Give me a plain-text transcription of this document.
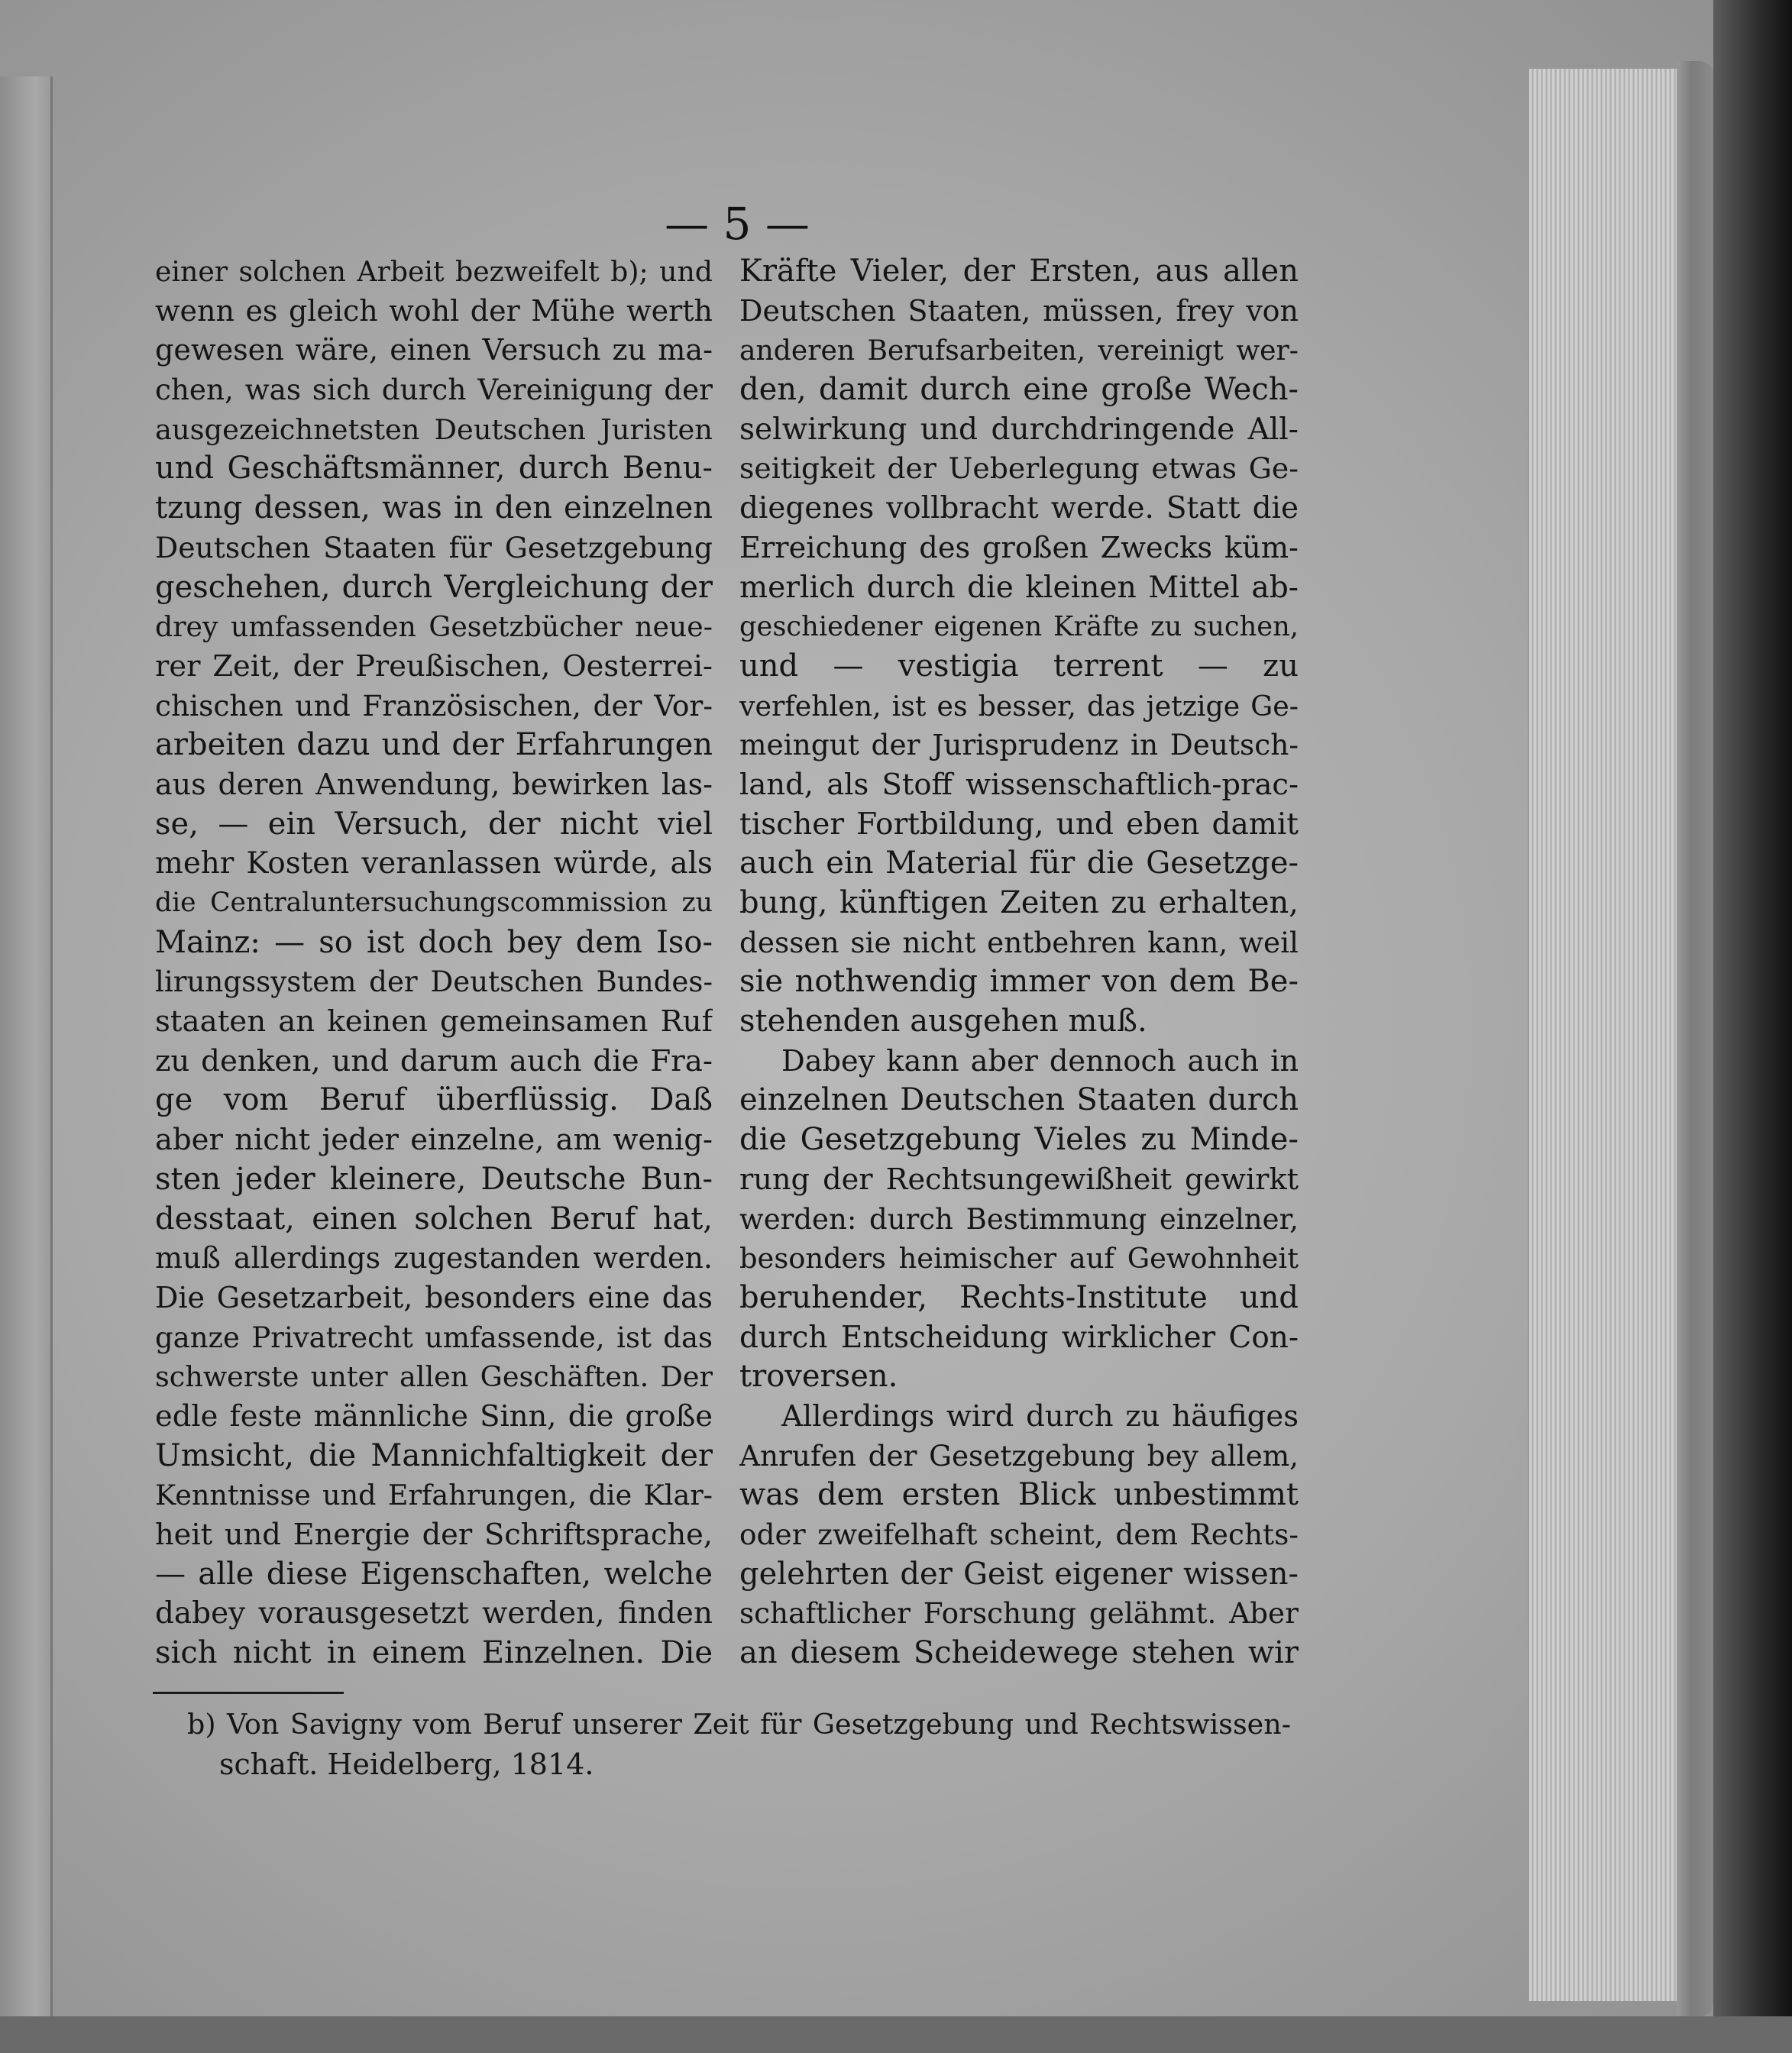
— 5 —
einer solchen Arbeit bezweifelt b); und
wenn es gleich wohl der Mühe werth
gewesen wäre, einen Versuch zu ma-
chen, was sich durch Vereinigung der
ausgezeichnetsten Deutschen Juristen
und Geschäftsmänner, durch Benu-
tzung dessen, was in den einzelnen
Deutschen Staaten für Gesetzgebung
geschehen, durch Vergleichung der
drey umfassenden Gesetzbücher neue-
rer Zeit, der Preußischen, Oesterrei-
chischen und Französischen, der Vor-
arbeiten dazu und der Erfahrungen
aus deren Anwendung, bewirken las-
se, — ein Versuch, der nicht viel
mehr Kosten veranlassen würde, als
die Centraluntersuchungscommission zu
Mainz: — so ist doch bey dem Iso-
lirungssystem der Deutschen Bundes-
staaten an keinen gemeinsamen Ruf
zu denken, und darum auch die Fra-
ge vom Beruf überflüssig. Daß
aber nicht jeder einzelne, am wenig-
sten jeder kleinere, Deutsche Bun-
desstaat, einen solchen Beruf hat,
muß allerdings zugestanden werden.
Die Gesetzarbeit, besonders eine das
ganze Privatrecht umfassende, ist das
schwerste unter allen Geschäften. Der
edle feste männliche Sinn, die große
Umsicht, die Mannichfaltigkeit der
Kenntnisse und Erfahrungen, die Klar-
heit und Energie der Schriftsprache,
— alle diese Eigenschaften, welche
dabey vorausgesetzt werden, finden
sich nicht in einem Einzelnen. Die
Kräfte Vieler, der Ersten, aus allen
Deutschen Staaten, müssen, frey von
anderen Berufsarbeiten, vereinigt wer-
den, damit durch eine große Wech-
selwirkung und durchdringende All-
seitigkeit der Ueberlegung etwas Ge-
diegenes vollbracht werde. Statt die
Erreichung des großen Zwecks küm-
merlich durch die kleinen Mittel ab-
geschiedener eigenen Kräfte zu suchen,
und — vestigia terrent — zu
verfehlen, ist es besser, das jetzige Ge-
meingut der Jurisprudenz in Deutsch-
land, als Stoff wissenschaftlich-prac-
tischer Fortbildung, und eben damit
auch ein Material für die Gesetzge-
bung, künftigen Zeiten zu erhalten,
dessen sie nicht entbehren kann, weil
sie nothwendig immer von dem Be-
stehenden ausgehen muß.
Dabey kann aber dennoch auch in
einzelnen Deutschen Staaten durch
die Gesetzgebung Vieles zu Minde-
rung der Rechtsungewißheit gewirkt
werden: durch Bestimmung einzelner,
besonders heimischer auf Gewohnheit
beruhender, Rechts-Institute und
durch Entscheidung wirklicher Con-
troversen.
Allerdings wird durch zu häufiges
Anrufen der Gesetzgebung bey allem,
was dem ersten Blick unbestimmt
oder zweifelhaft scheint, dem Rechts-
gelehrten der Geist eigener wissen-
schaftlicher Forschung gelähmt. Aber
an diesem Scheidewege stehen wir
b) Von Savigny vom Beruf unserer Zeit für Gesetzgebung und Rechtswissen-
schaft. Heidelberg, 1814.
